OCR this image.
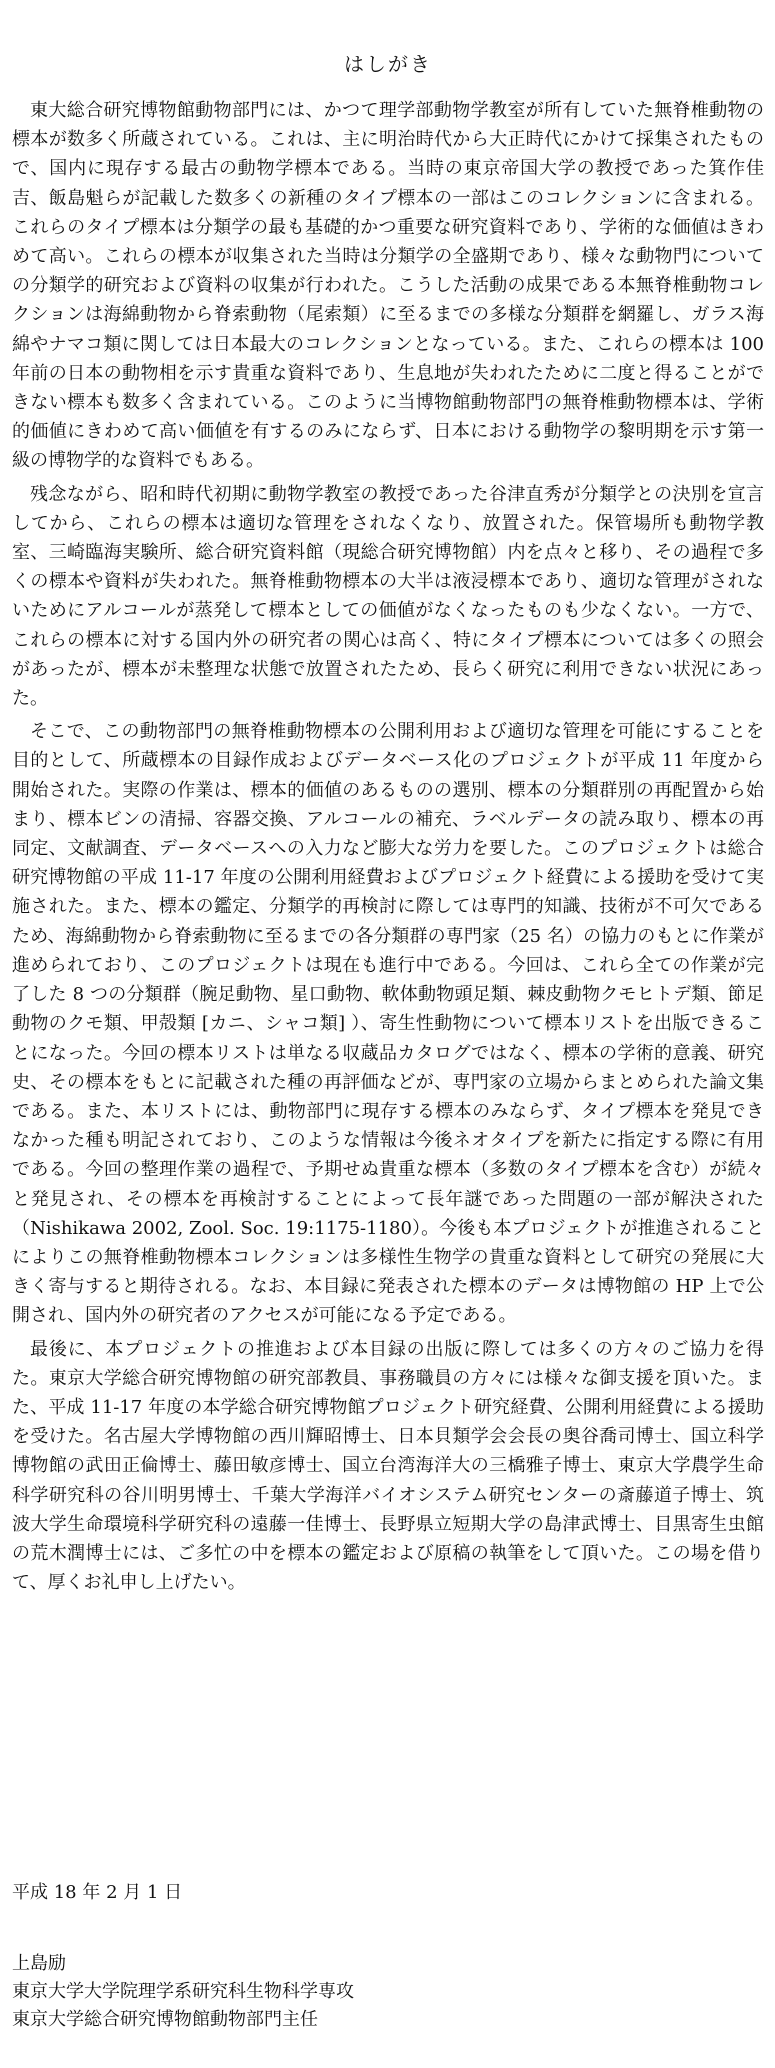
はしがき

東大総合研究博物館動物部門には、かつて理学部動物学教室が所有していた無脊椎動物の標本が数多く所蔵されている。これは、主に明治時代から大正時代にかけて採集されたもので、国内に現存する最古の動物学標本である。当時の東京帝国大学の教授であった箕作佳吉、飯島魁らが記載した数多くの新種のタイプ標本の一部はこのコレクションに含まれる。これらのタイプ標本は分類学の最も基礎的かつ重要な研究資料であり、学術的な価値はきわめて高い。これらの標本が収集された当時は分類学の全盛期であり、様々な動物門についての分類学的研究および資料の収集が行われた。こうした活動の成果である本無脊椎動物コレクションは海綿動物から脊索動物（尾索類）に至るまでの多様な分類群を網羅し、ガラス海綿やナマコ類に関しては日本最大のコレクションとなっている。また、これらの標本は 100 年前の日本の動物相を示す貴重な資料であり、生息地が失われたために二度と得ることができない標本も数多く含まれている。このように当博物館動物部門の無脊椎動物標本は、学術的価値にきわめて高い価値を有するのみにならず、日本における動物学の黎明期を示す第一級の博物学的な資料でもある。

残念ながら、昭和時代初期に動物学教室の教授であった谷津直秀が分類学との決別を宣言してから、これらの標本は適切な管理をされなくなり、放置された。保管場所も動物学教室、三崎臨海実験所、総合研究資料館（現総合研究博物館）内を点々と移り、その過程で多くの標本や資料が失われた。無脊椎動物標本の大半は液浸標本であり、適切な管理がされないためにアルコールが蒸発して標本としての価値がなくなったものも少なくない。一方で、これらの標本に対する国内外の研究者の関心は高く、特にタイプ標本については多くの照会があったが、標本が未整理な状態で放置されたため、長らく研究に利用できない状況にあった。

そこで、この動物部門の無脊椎動物標本の公開利用および適切な管理を可能にすることを目的として、所蔵標本の目録作成およびデータベース化のプロジェクトが平成 11 年度から開始された。実際の作業は、標本的価値のあるものの選別、標本の分類群別の再配置から始まり、標本ビンの清掃、容器交換、アルコールの補充、ラベルデータの読み取り、標本の再同定、文献調査、データベースへの入力など膨大な労力を要した。このプロジェクトは総合研究博物館の平成 11-17 年度の公開利用経費およびプロジェクト経費による援助を受けて実施された。また、標本の鑑定、分類学的再検討に際しては専門的知識、技術が不可欠であるため、海綿動物から脊索動物に至るまでの各分類群の専門家（25 名）の協力のもとに作業が進められており、このプロジェクトは現在も進行中である。今回は、これら全ての作業が完了した 8 つの分類群（腕足動物、星口動物、軟体動物頭足類、棘皮動物クモヒトデ類、節足動物のクモ類、甲殻類 [カニ、シャコ類] ）、寄生性動物について標本リストを出版できることになった。今回の標本リストは単なる収蔵品カタログではなく、標本の学術的意義、研究史、その標本をもとに記載された種の再評価などが、専門家の立場からまとめられた論文集である。また、本リストには、動物部門に現存する標本のみならず、タイプ標本を発見できなかった種も明記されており、このような情報は今後ネオタイプを新たに指定する際に有用である。今回の整理作業の過程で、予期せぬ貴重な標本（多数のタイプ標本を含む）が続々と発見され、その標本を再検討することによって長年謎であった問題の一部が解決された（Nishikawa 2002, Zool. Soc. 19:1175-1180）。今後も本プロジェクトが推進されることによりこの無脊椎動物標本コレクションは多様性生物学の貴重な資料として研究の発展に大きく寄与すると期待される。なお、本目録に発表された標本のデータは博物館の HP 上で公開され、国内外の研究者のアクセスが可能になる予定である。

最後に、本プロジェクトの推進および本目録の出版に際しては多くの方々のご協力を得た。東京大学総合研究博物館の研究部教員、事務職員の方々には様々な御支援を頂いた。また、平成 11-17 年度の本学総合研究博物館プロジェクト研究経費、公開利用経費による援助を受けた。名古屋大学博物館の西川輝昭博士、日本貝類学会会長の奥谷喬司博士、国立科学博物館の武田正倫博士、藤田敏彦博士、国立台湾海洋大の三橋雅子博士、東京大学農学生命科学研究科の谷川明男博士、千葉大学海洋バイオシステム研究センターの斎藤道子博士、筑波大学生命環境科学研究科の遠藤一佳博士、長野県立短期大学の島津武博士、目黒寄生虫館の荒木潤博士には、ご多忙の中を標本の鑑定および原稿の執筆をして頂いた。この場を借りて、厚くお礼申し上げたい。

平成 18 年 2 月 1 日

上島励
東京大学大学院理学系研究科生物科学専攻
東京大学総合研究博物館動物部門主任
